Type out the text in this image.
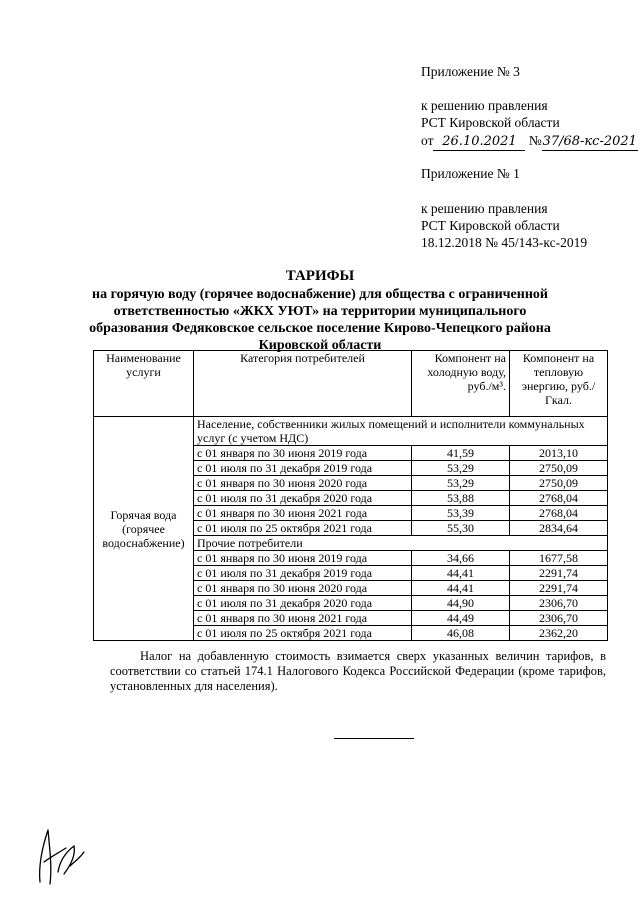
Приложение № 3
к решению правления
РСТ Кировской области
от 26.10.2021 №37/68-кс-2021
Приложение № 1
к решению правления
РСТ Кировской области
18.12.2018 № 45/143-кс-2019
ТАРИФЫ
на горячую воду (горячее водоснабжение) для общества с ограниченной
ответственностью «ЖКХ УЮТ» на территории муниципального
образования Федяковское сельское поселение Кирово-Чепецкого района
Кировской области
Наименование услуги	Категория потребителей	Компонент на холодную воду, руб./м³.	Компонент на тепловую энергию, руб./Гкал.
Горячая вода (горячее водоснабжение)	Население, собственники жилых помещений и исполнители коммунальных услуг (с учетом НДС)		
	с 01 января по 30 июня 2019 года	41,59	2013,10
	с 01 июля по 31 декабря 2019 года	53,29	2750,09
	с 01 января по 30 июня 2020 года	53,29	2750,09
	с 01 июля по 31 декабря 2020 года	53,88	2768,04
	с 01 января по 30 июня 2021 года	53,39	2768,04
	с 01 июля по 25 октября 2021 года	55,30	2834,64
	Прочие потребители		
	с 01 января по 30 июня 2019 года	34,66	1677,58
	с 01 июля по 31 декабря 2019 года	44,41	2291,74
	с 01 января по 30 июня 2020 года	44,41	2291,74
	с 01 июля по 31 декабря 2020 года	44,90	2306,70
	с 01 января по 30 июня 2021 года	44,49	2306,70
	с 01 июля по 25 октября 2021 года	46,08	2362,20

Налог на добавленную стоимость взимается сверх указанных величин тарифов, в соответствии со статьей 174.1 Налогового Кодекса Российской Федерации (кроме тарифов, установленных для населения).
